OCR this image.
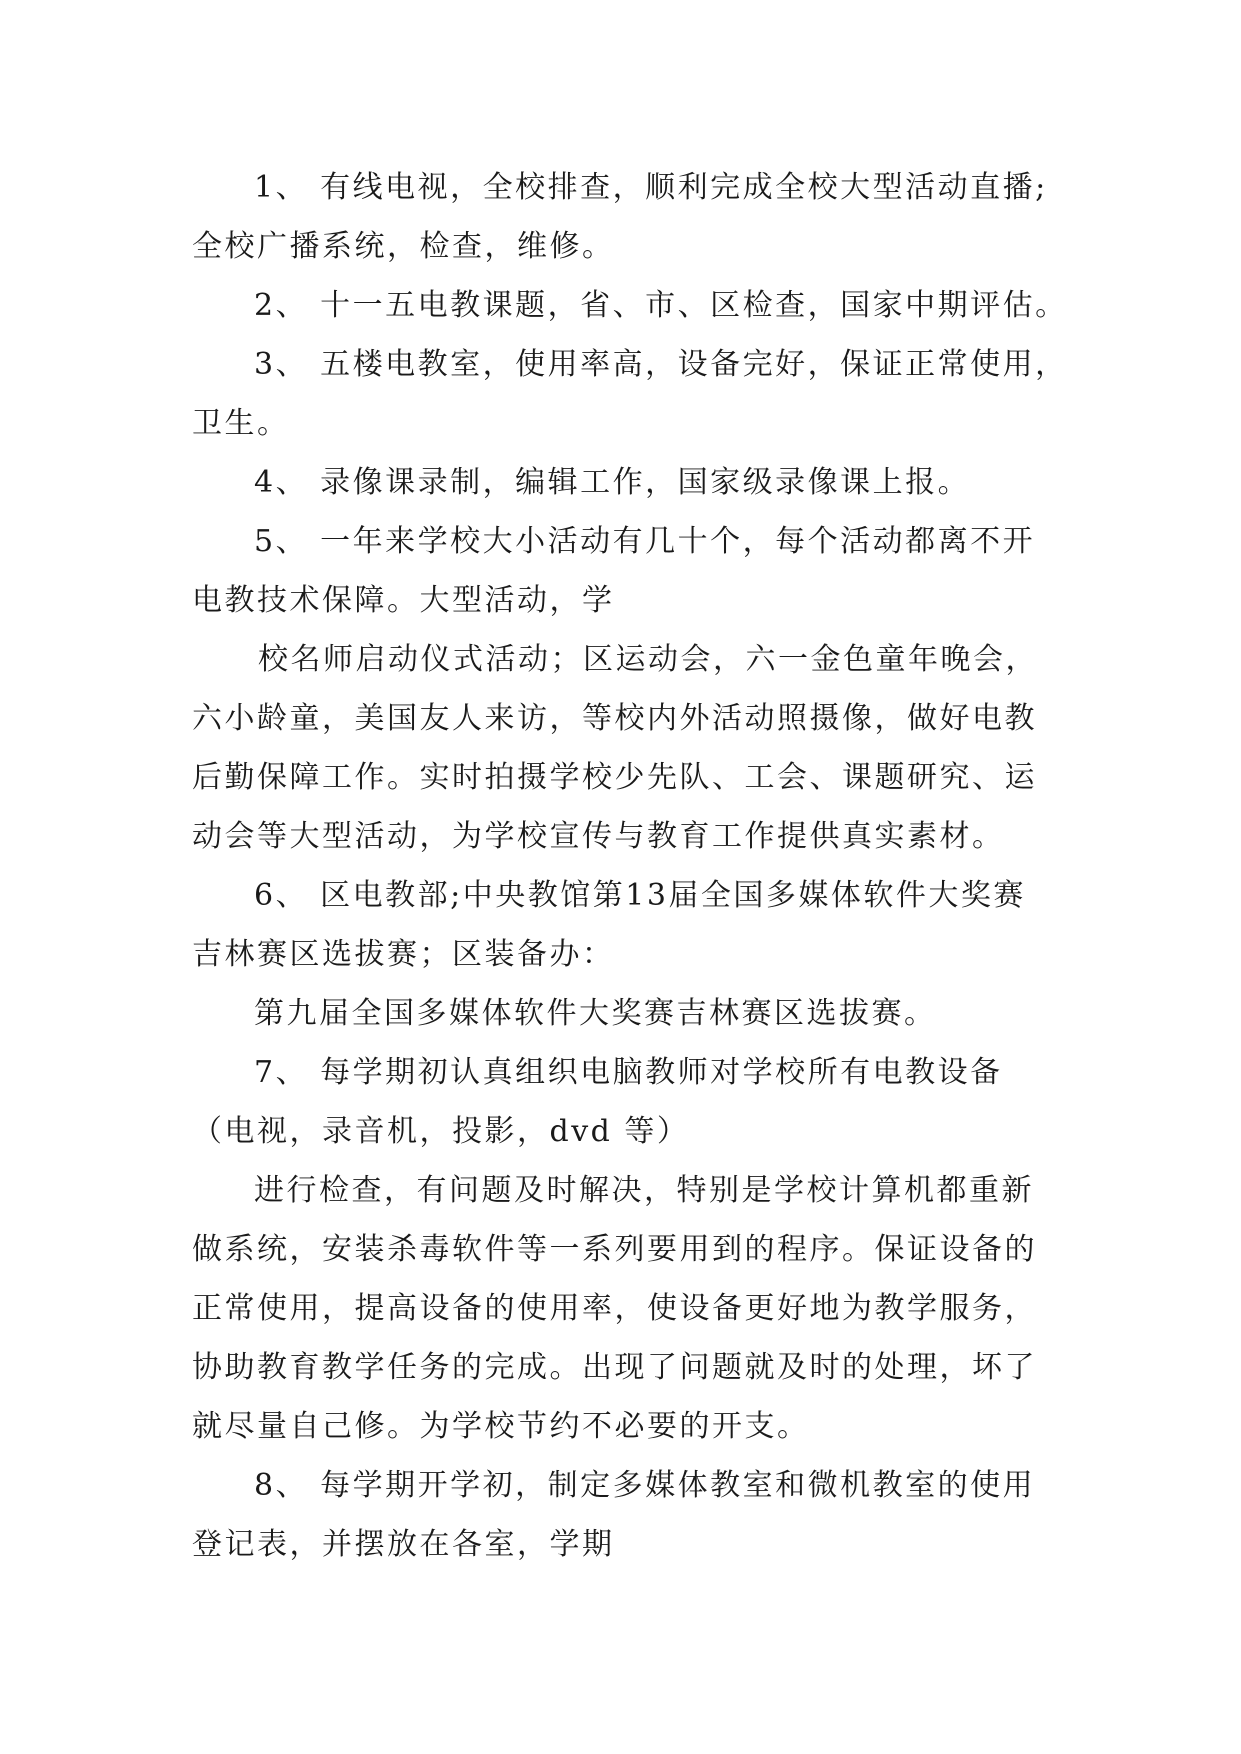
1、 有线电视，全校排查，顺利完成全校大型活动直播;

全校广播系统，检查，维修。

2、 十一五电教课题，省、市、区检查，国家中期评估。

3、 五楼电教室，使用率高，设备完好，保证正常使用，

卫生。

4、 录像课录制，编辑工作，国家级录像课上报。

5、 一年来学校大小活动有几十个，每个活动都离不开

电教技术保障。大型活动，学

校名师启动仪式活动；区运动会，六一金色童年晚会，

六小龄童，美国友人来访，等校内外活动照摄像，做好电教

后勤保障工作。实时拍摄学校少先队、工会、课题研究、运

动会等大型活动，为学校宣传与教育工作提供真实素材。

6、 区电教部;中央教馆第13届全国多媒体软件大奖赛

吉林赛区选拔赛；区装备办：

第九届全国多媒体软件大奖赛吉林赛区选拔赛。

7、 每学期初认真组织电脑教师对学校所有电教设备

（电视，录音机，投影，dvd 等）

进行检查，有问题及时解决，特别是学校计算机都重新

做系统，安装杀毒软件等一系列要用到的程序。保证设备的

正常使用，提高设备的使用率，使设备更好地为教学服务，

协助教育教学任务的完成。出现了问题就及时的处理，坏了

就尽量自己修。为学校节约不必要的开支。

8、 每学期开学初，制定多媒体教室和微机教室的使用

登记表，并摆放在各室，学期
